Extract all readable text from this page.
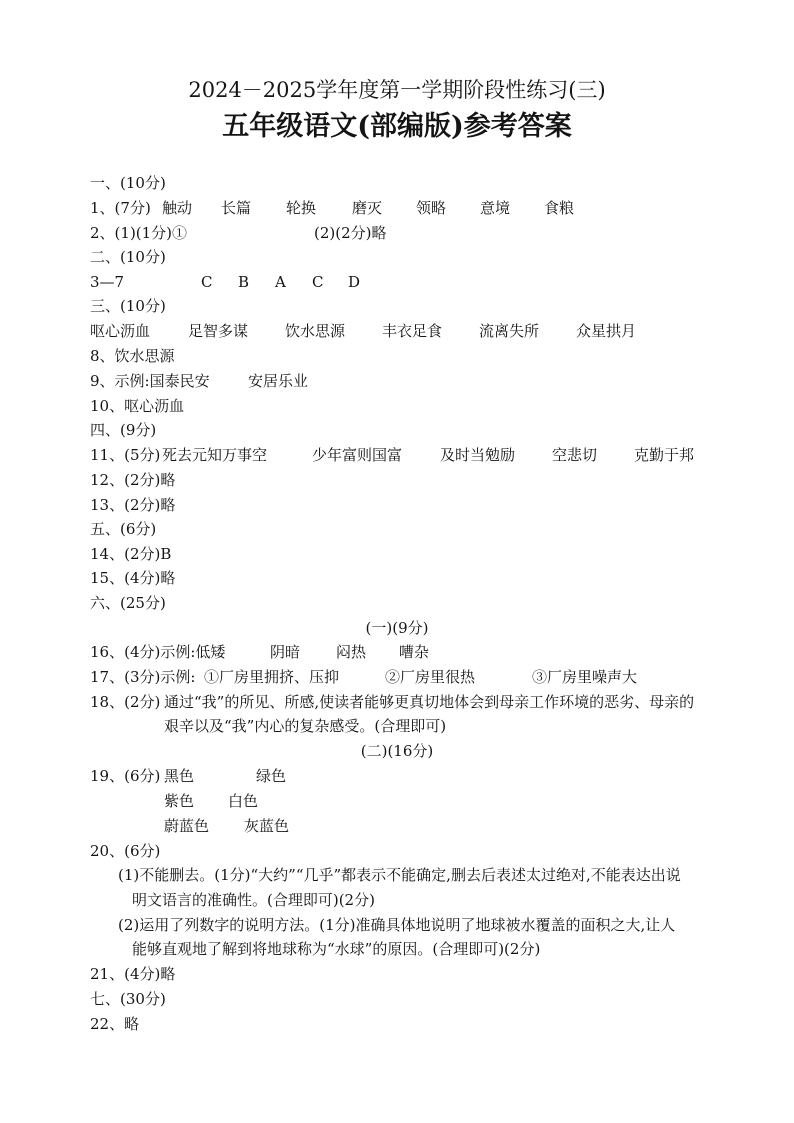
2024－2025学年度第一学期阶段性练习(三)
五年级语文(部编版)参考答案
一、(10分)
1、(7分) 触动 长篇 轮换 磨灭 领略 意境 食粮
2、(1)(1分)①	(2)(2分)略
二、(10分)
3—7	C B A C D
三、(10分)
呕心沥血	足智多谋 饮水思源 丰衣足食 流离失所 众星拱月
8、饮水思源
9、示例:国泰民安	安居乐业
10、呕心沥血
四、(9分)
11、(5分) 死去元知万事空	少年富则国富	及时当勉励 空悲切 克勤于邦
12、(2分)略
13、(2分)略
五、(6分)
14、(2分)B
15、(4分)略
六、(25分)
(一)(9分)
16、(4分)示例:低矮	阴暗 闷热 嘈杂
17、(3分)示例: ①厂房里拥挤、压抑	②厂房里很热	③厂房里噪声大
18、(2分) 通过“我”的所见、所感,使读者能够更真切地体会到母亲工作环境的恶劣、母亲的
艰辛以及“我”内心的复杂感受。(合理即可)
(二)(16分)
19、(6分) 黑色	绿色
紫色 白色
蔚蓝色 灰蓝色
20、(6分)
(1)不能删去。(1分)“大约”“几乎”都表示不能确定,删去后表述太过绝对,不能表达出说
明文语言的准确性。(合理即可)(2分)
(2)运用了列数字的说明方法。(1分)准确具体地说明了地球被水覆盖的面积之大,让人
能够直观地了解到将地球称为“水球”的原因。(合理即可)(2分)
21、(4分)略
七、(30分)
22、略
